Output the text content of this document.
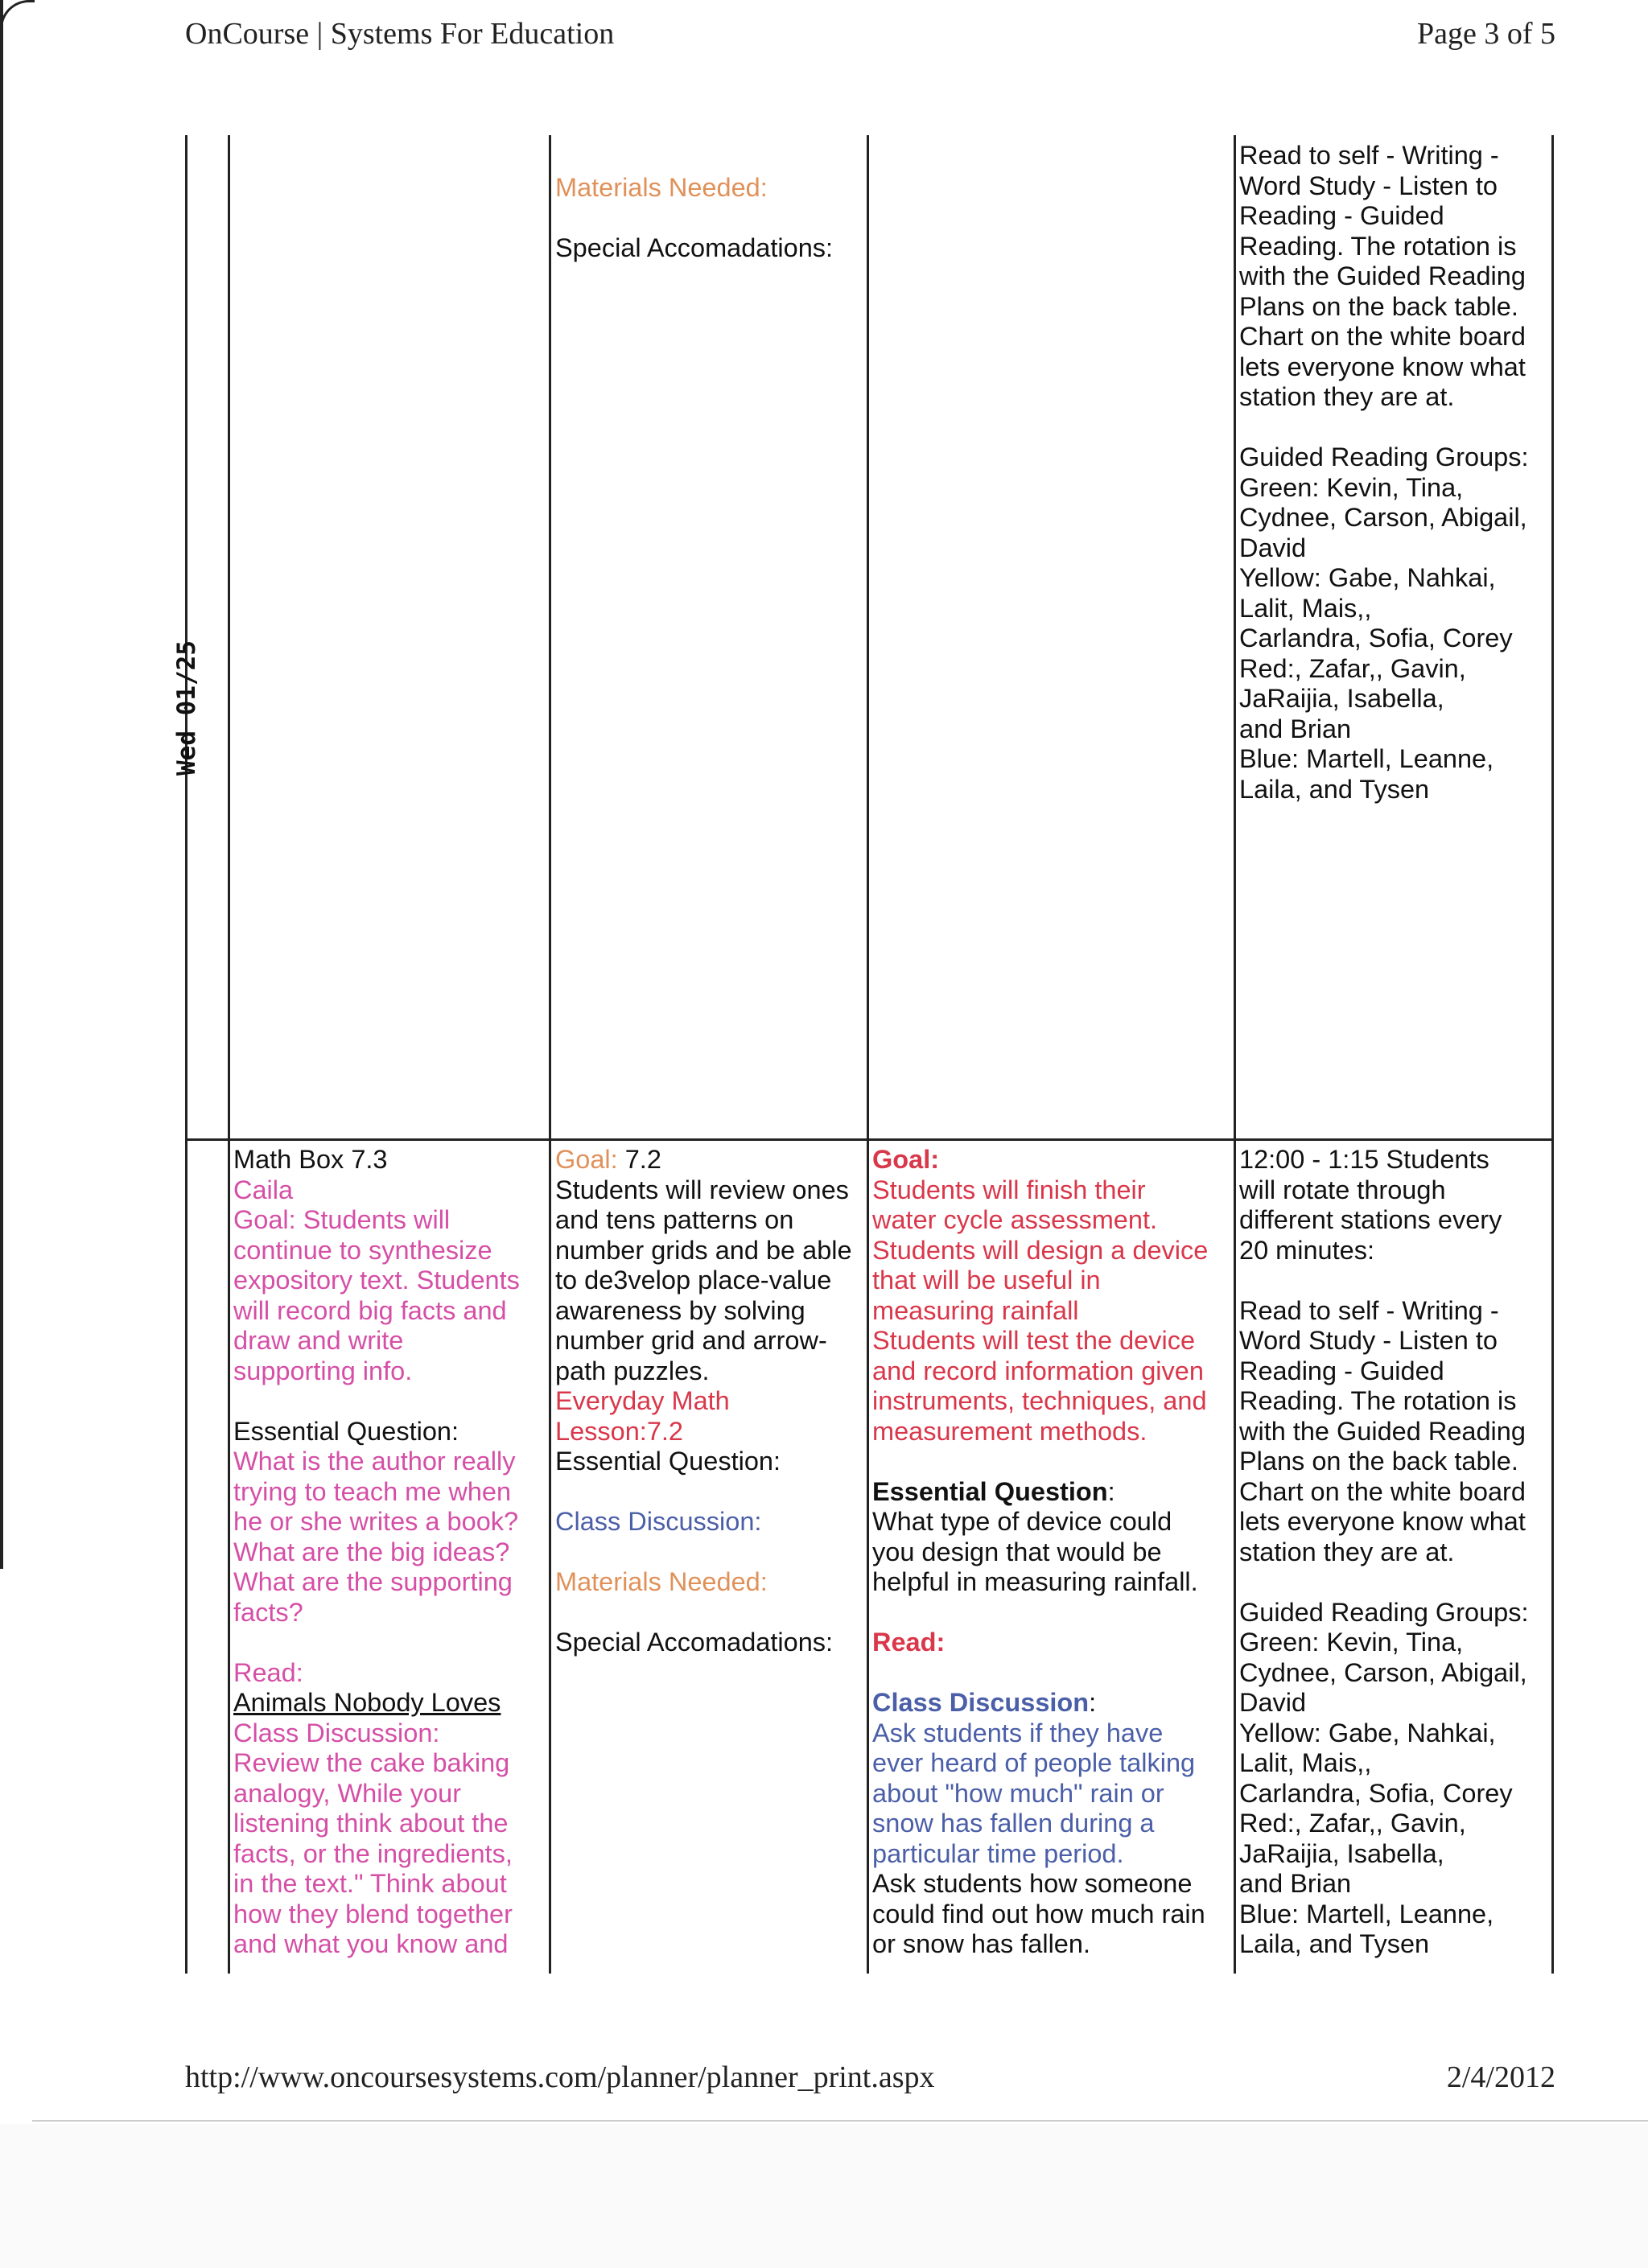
OnCourse | Systems For Education	Page 3 of 5
Wed 01/25

Materials Needed:

Special Accomadations:

Read to self - Writing -

Word Study - Listen to

Reading - Guided

Reading. The rotation is

with the Guided Reading

Plans on the back table.

Chart on the white board

lets everyone know what

station they are at.

Guided Reading Groups:

Green: Kevin, Tina,

Cydnee, Carson, Abigail,

David

Yellow: Gabe, Nahkai,

Lalit, Mais,,

Carlandra, Sofia, Corey

Red:, Zafar,, Gavin,

JaRaijia, Isabella,

and Brian

Blue: Martell, Leanne,

Laila, and Tysen

Math Box 7.3

Caila

Goal: Students will

continue to synthesize

expository text. Students

will record big facts and

draw and write

supporting info.

Essential Question:

What is the author really

trying to teach me when

he or she writes a book?

What are the big ideas?

What are the supporting

facts?

Read:

Animals Nobody Loves

Class Discussion:

Review the cake baking

analogy, While your

listening think about the

facts, or the ingredients,

in the text." Think about

how they blend together

and what you know and

Goal: 7.2

Students will review ones

and tens patterns on

number grids and be able

to de3velop place-value

awareness by solving

number grid and arrow-

path puzzles.

Everyday Math

Lesson:7.2

Essential Question:

Class Discussion:

Materials Needed:

Special Accomadations:

Goal:

Students will finish their

water cycle assessment.

Students will design a device

that will be useful in

measuring rainfall

Students will test the device

and record information given

instruments, techniques, and

measurement methods.

Essential Question:

What type of device could

you design that would be

helpful in measuring rainfall.

Read:

Class Discussion:

Ask students if they have

ever heard of people talking

about "how much" rain or

snow has fallen during a

particular time period.

Ask students how someone

could find out how much rain

or snow has fallen.

12:00 - 1:15 Students

will rotate through

different stations every

20 minutes:

Read to self - Writing -

Word Study - Listen to

Reading - Guided

Reading. The rotation is

with the Guided Reading

Plans on the back table.

Chart on the white board

lets everyone know what

station they are at.

Guided Reading Groups:

Green: Kevin, Tina,

Cydnee, Carson, Abigail,

David

Yellow: Gabe, Nahkai,

Lalit, Mais,,

Carlandra, Sofia, Corey

Red:, Zafar,, Gavin,

JaRaijia, Isabella,

and Brian

Blue: Martell, Leanne,

Laila, and Tysen

http://www.oncoursesystems.com/planner/planner_print.aspx	2/4/2012
